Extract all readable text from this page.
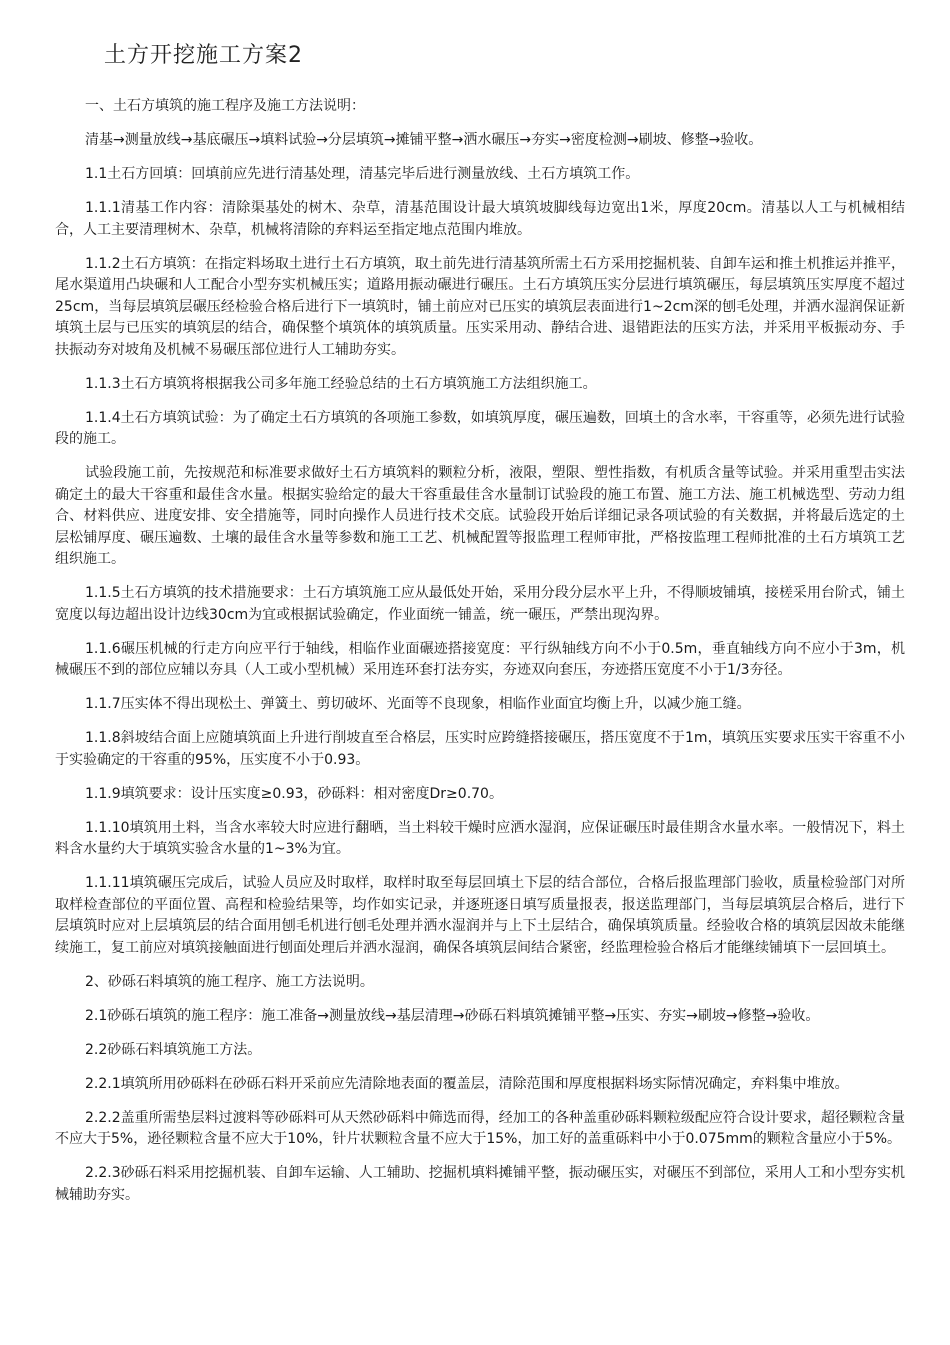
土方开挖施工方案2

一、土石方填筑的施工程序及施工方法说明：

清基→测量放线→基底碾压→填料试验→分层填筑→摊铺平整→洒水碾压→夯实→密度检测→刷坡、修整→验收。

1.1土石方回填：回填前应先进行清基处理，清基完毕后进行测量放线、土石方填筑工作。

1.1.1清基工作内容：清除渠基处的树木、杂草，清基范围设计最大填筑坡脚线每边宽出1米，厚度20cm。清基以人工与机械相结合，人工主要清理树木、杂草，机械将清除的弃料运至指定地点范围内堆放。

1.1.2土石方填筑：在指定料场取土进行土石方填筑，取土前先进行清基筑所需土石方采用挖掘机装、自卸车运和推土机推运并推平，尾水渠道用凸块碾和人工配合小型夯实机械压实；道路用振动碾进行碾压。土石方填筑压实分层进行填筑碾压，每层填筑压实厚度不超过25cm，当每层填筑层碾压经检验合格后进行下一填筑时，铺土前应对已压实的填筑层表面进行1~2cm深的刨毛处理，并洒水湿润保证新填筑土层与已压实的填筑层的结合，确保整个填筑体的填筑质量。压实采用动、静结合进、退错距法的压实方法，并采用平板振动夯、手扶振动夯对坡角及机械不易碾压部位进行人工辅助夯实。

1.1.3土石方填筑将根据我公司多年施工经验总结的土石方填筑施工方法组织施工。

1.1.4土石方填筑试验：为了确定土石方填筑的各项施工参数，如填筑厚度，碾压遍数，回填土的含水率，干容重等，必须先进行试验段的施工。

试验段施工前，先按规范和标准要求做好土石方填筑料的颗粒分析，液限，塑限、塑性指数，有机质含量等试验。并采用重型击实法确定土的最大干容重和最佳含水量。根据实验给定的最大干容重最佳含水量制订试验段的施工布置、施工方法、施工机械选型、劳动力组合、材料供应、进度安排、安全措施等，同时向操作人员进行技术交底。试验段开始后详细记录各项试验的有关数据，并将最后选定的土层松铺厚度、碾压遍数、土壤的最佳含水量等参数和施工工艺、机械配置等报监理工程师审批，严格按监理工程师批准的土石方填筑工艺组织施工。

1.1.5土石方填筑的技术措施要求：土石方填筑施工应从最低处开始，采用分段分层水平上升，不得顺坡铺填，接槎采用台阶式，铺土宽度以每边超出设计边线30cm为宜或根据试验确定，作业面统一铺盖，统一碾压，严禁出现沟界。

1.1.6碾压机械的行走方向应平行于轴线，相临作业面碾迹搭接宽度：平行纵轴线方向不小于0.5m，垂直轴线方向不应小于3m，机械碾压不到的部位应辅以夯具（人工或小型机械）采用连环套打法夯实，夯迹双向套压，夯迹搭压宽度不小于1/3夯径。

1.1.7压实体不得出现松土、弹簧土、剪切破坏、光面等不良现象，相临作业面宜均衡上升，以减少施工缝。

1.1.8斜坡结合面上应随填筑面上升进行削坡直至合格层，压实时应跨缝搭接碾压，搭压宽度不于1m，填筑压实要求压实干容重不小于实验确定的干容重的95%，压实度不小于0.93。

1.1.9填筑要求：设计压实度≥0.93，砂砾料：相对密度Dr≥0.70。

1.1.10填筑用土料，当含水率较大时应进行翻晒，当土料较干燥时应洒水湿润，应保证碾压时最佳期含水量水率。一般情况下，料土料含水量约大于填筑实验含水量的1~3%为宜。

1.1.11填筑碾压完成后，试验人员应及时取样，取样时取至每层回填土下层的结合部位，合格后报监理部门验收，质量检验部门对所取样检查部位的平面位置、高程和检验结果等，均作如实记录，并逐班逐日填写质量报表，报送监理部门，当每层填筑层合格后，进行下层填筑时应对上层填筑层的结合面用刨毛机进行刨毛处理并洒水湿润并与上下土层结合，确保填筑质量。经验收合格的填筑层因故未能继续施工，复工前应对填筑接触面进行刨面处理后并洒水湿润，确保各填筑层间结合紧密，经监理检验合格后才能继续铺填下一层回填土。

2、砂砾石料填筑的施工程序、施工方法说明。

2.1砂砾石填筑的施工程序：施工准备→测量放线→基层清理→砂砾石料填筑摊铺平整→压实、夯实→刷坡→修整→验收。

2.2砂砾石料填筑施工方法。

2.2.1填筑所用砂砾料在砂砾石料开采前应先清除地表面的覆盖层，清除范围和厚度根据料场实际情况确定，弃料集中堆放。

2.2.2盖重所需垫层料过渡料等砂砾料可从天然砂砾料中筛选而得，经加工的各种盖重砂砾料颗粒级配应符合设计要求，超径颗粒含量不应大于5%，逊径颗粒含量不应大于10%，针片状颗粒含量不应大于15%，加工好的盖重砾料中小于0.075mm的颗粒含量应小于5%。

2.2.3砂砾石料采用挖掘机装、自卸车运输、人工辅助、挖掘机填料摊铺平整，振动碾压实，对碾压不到部位，采用人工和小型夯实机械辅助夯实。
